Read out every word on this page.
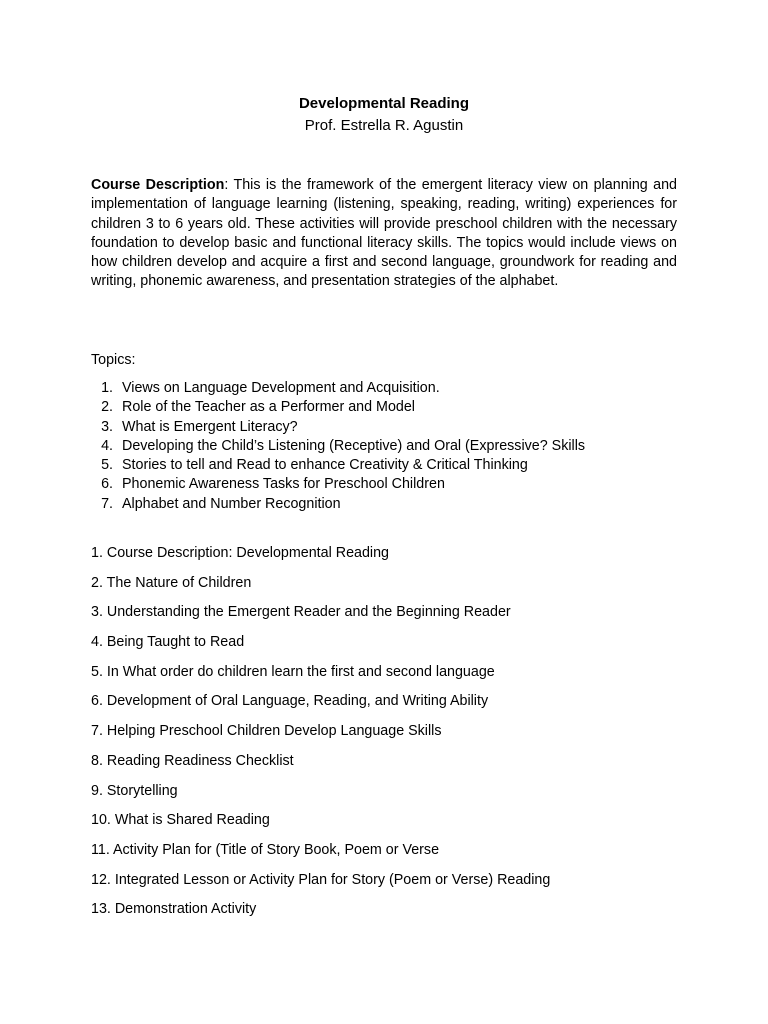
Developmental Reading
Prof. Estrella R. Agustin

Course Description: This is the framework of the emergent literacy view on planning and implementation of language learning (listening, speaking, reading, writing) experiences for children 3 to 6 years old. These activities will provide preschool children with the necessary foundation to develop basic and functional literacy skills. The topics would include views on how children develop and acquire a first and second language, groundwork for reading and writing, phonemic awareness, and presentation strategies of the alphabet.

Topics:
1. Views on Language Development and Acquisition.
2. Role of the Teacher as a Performer and Model
3. What is Emergent Literacy?
4. Developing the Child’s Listening (Receptive) and Oral (Expressive? Skills
5. Stories to tell and Read to enhance Creativity & Critical Thinking
6. Phonemic Awareness Tasks for Preschool Children
7. Alphabet and Number Recognition
1. Course Description: Developmental Reading
2. The Nature of Children
3. Understanding the Emergent Reader and the Beginning Reader
4. Being Taught to Read
5. In What order do children learn the first and second language
6. Development of Oral Language, Reading, and Writing Ability
7. Helping Preschool Children Develop Language Skills
8. Reading Readiness Checklist
9. Storytelling
10. What is Shared Reading
11. Activity Plan for (Title of Story Book, Poem or Verse
12. Integrated Lesson or Activity Plan for Story (Poem or Verse) Reading
13. Demonstration Activity
